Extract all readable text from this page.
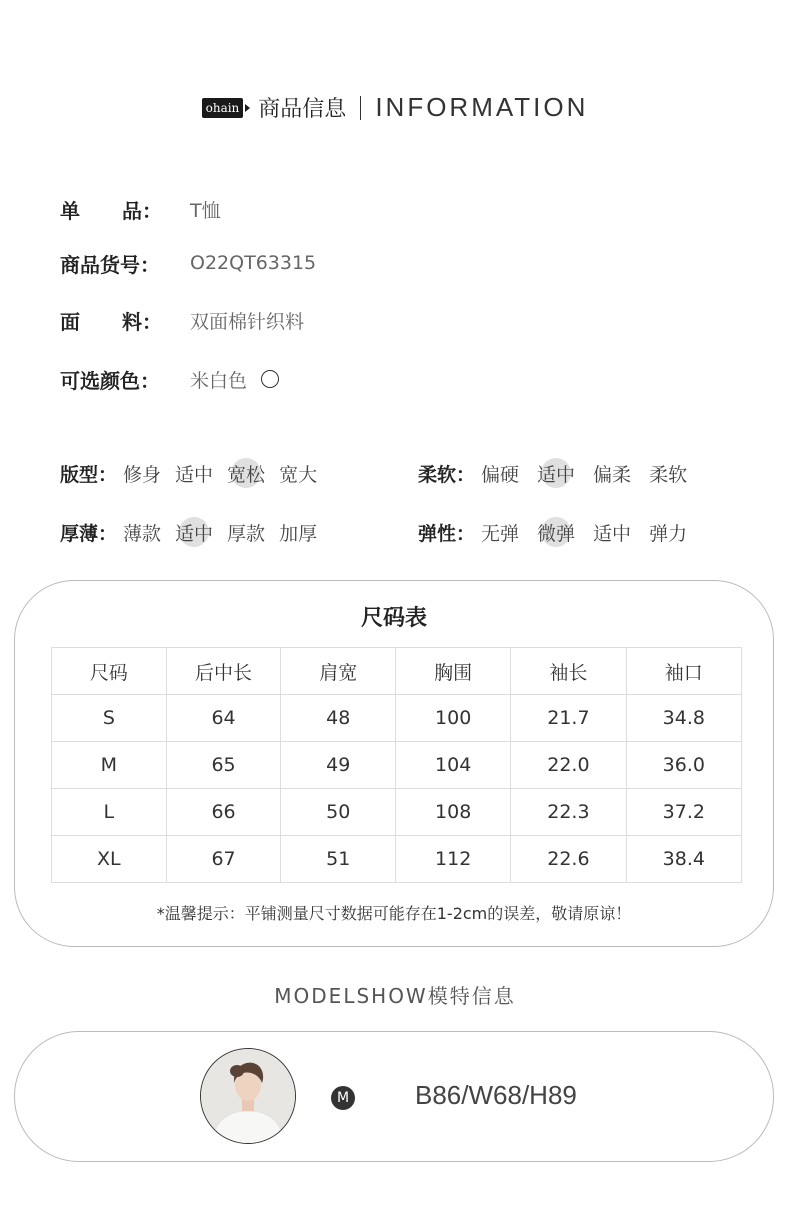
ohain 商品信息 INFORMATION
单 品： T恤
商品货号：	O22QT63315
面 料： 双面棉针织料
可选颜色：	米白色
版型： 修身 适中 宽松 宽大	柔软： 偏硬 适中 偏柔 柔软
厚薄： 薄款 适中 厚款 加厚	弹性： 无弹 微弹 适中 弹力
尺码表
尺码	后中长	肩宽	胸围	袖长	袖口
S	64	48	100	21.7	34.8
M	65	49	104	22.0	36.0
L	66	50	108	22.3	37.2
XL	67	51	112	22.6	38.4
*温馨提示：平铺测量尺寸数据可能存在1-2cm的误差，敬请原谅！
MODELSHOW模特信息
M	B86/W68/H89
